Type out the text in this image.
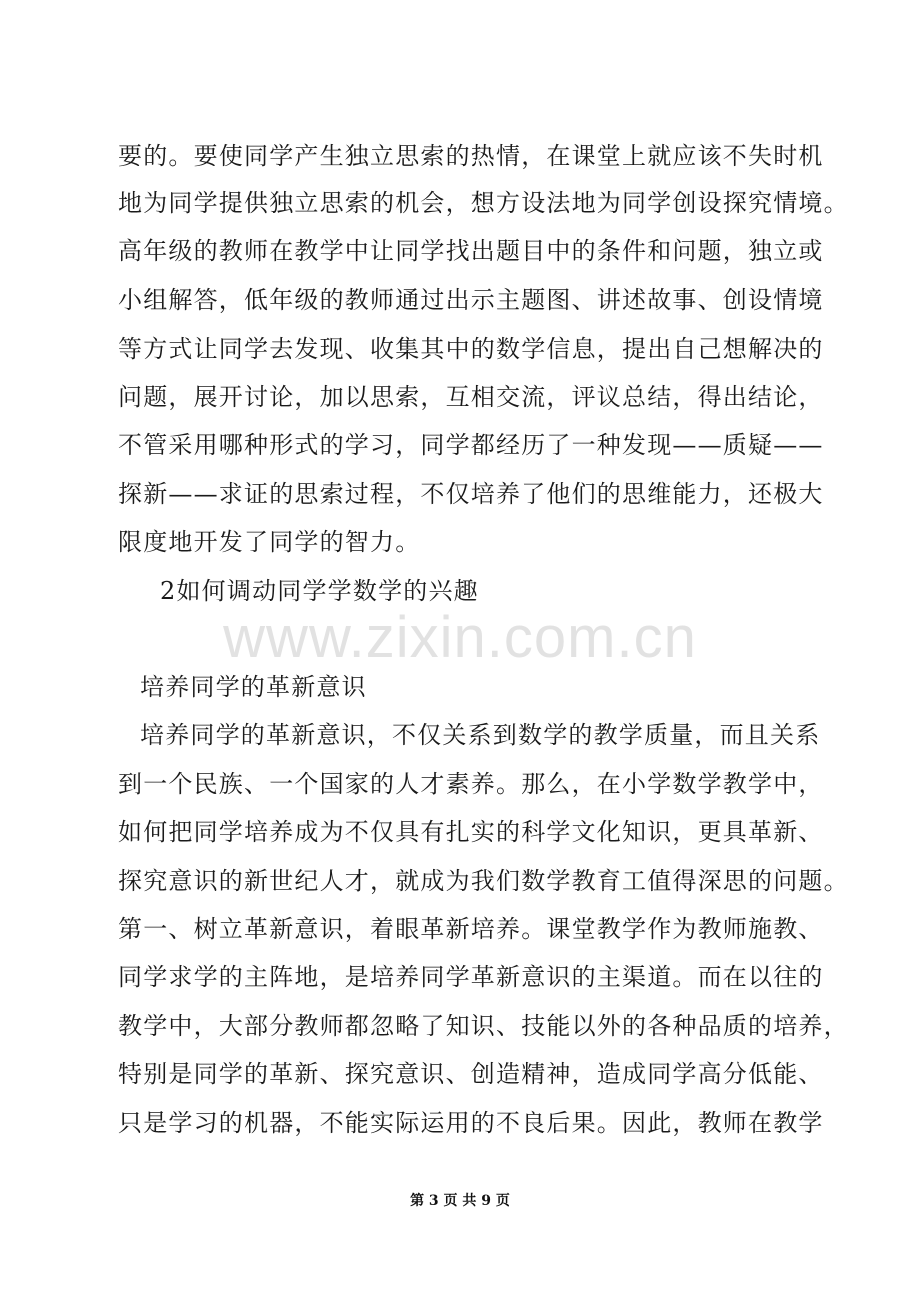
要的。要使同学产生独立思索的热情，在课堂上就应该不失时机
地为同学提供独立思索的机会，想方设法地为同学创设探究情境。
高年级的教师在教学中让同学找出题目中的条件和问题，独立或
小组解答，低年级的教师通过出示主题图、讲述故事、创设情境
等方式让同学去发现、收集其中的数学信息，提出自己想解决的
问题，展开讨论，加以思索，互相交流，评议总结，得出结论，
不管采用哪种形式的学习，同学都经历了一种发现——质疑——
探新——求证的思索过程，不仅培养了他们的思维能力，还极大
限度地开发了同学的智力。
2如何调动同学学数学的兴趣
www.zixin.com.cn
培养同学的革新意识
培养同学的革新意识，不仅关系到数学的教学质量，而且关系
到一个民族、一个国家的人才素养。那么，在小学数学教学中，
如何把同学培养成为不仅具有扎实的科学文化知识，更具革新、
探究意识的新世纪人才，就成为我们数学教育工值得深思的问题。
第一、树立革新意识，着眼革新培养。课堂教学作为教师施教、
同学求学的主阵地，是培养同学革新意识的主渠道。而在以往的
教学中，大部分教师都忽略了知识、技能以外的各种品质的培养，
特别是同学的革新、探究意识、创造精神，造成同学高分低能、
只是学习的机器，不能实际运用的不良后果。因此，教师在教学
第 3 页 共 9 页
